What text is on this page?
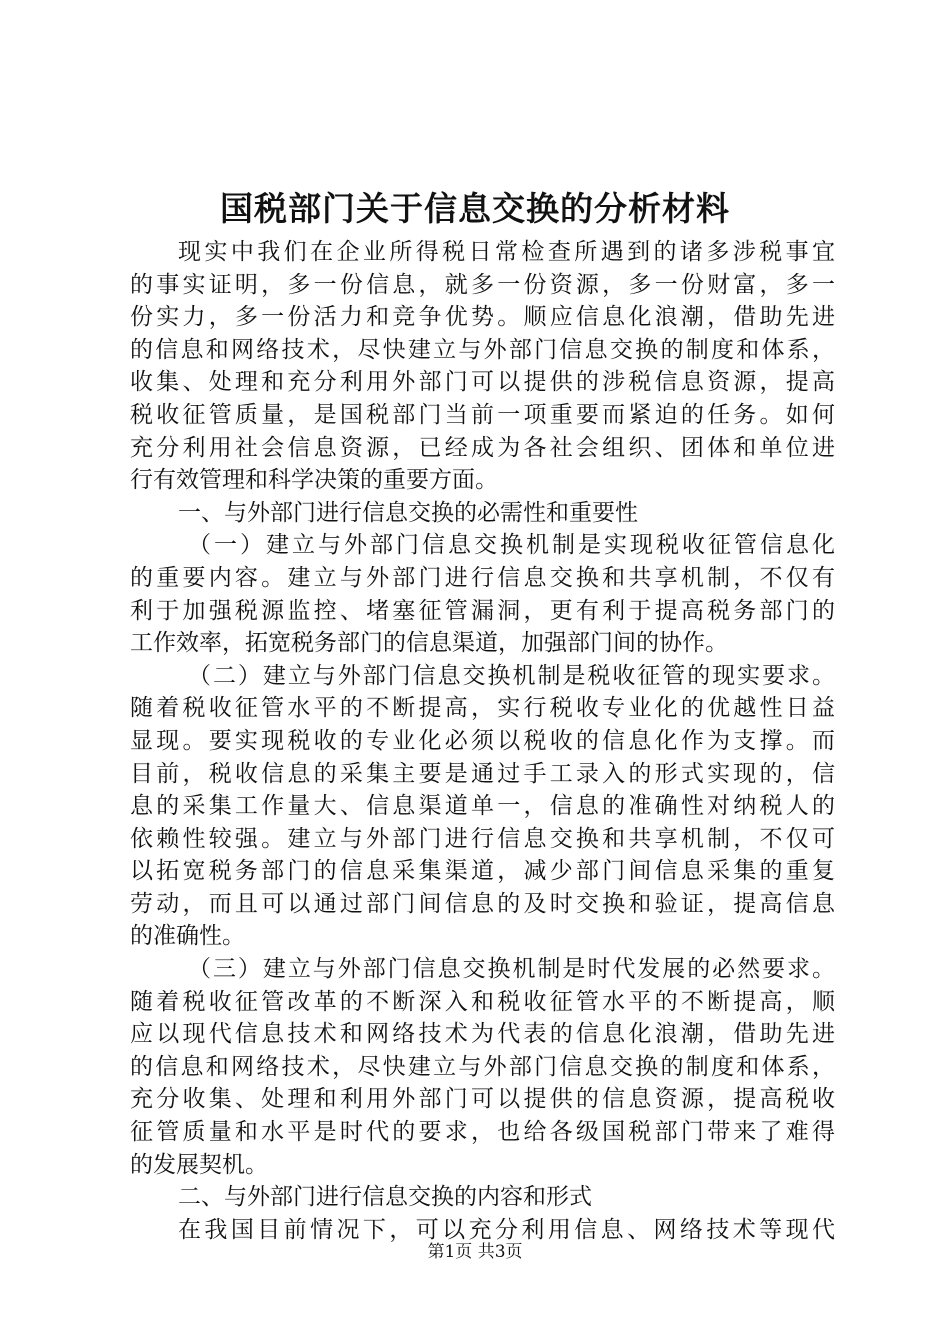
国税部门关于信息交换的分析材料
现实中我们在企业所得税日常检查所遇到的诸多涉税事宜
的事实证明，多一份信息，就多一份资源，多一份财富，多一
份实力，多一份活力和竞争优势。顺应信息化浪潮，借助先进
的信息和网络技术，尽快建立与外部门信息交换的制度和体系，
收集、处理和充分利用外部门可以提供的涉税信息资源，提高
税收征管质量，是国税部门当前一项重要而紧迫的任务。如何
充分利用社会信息资源，已经成为各社会组织、团体和单位进
行有效管理和科学决策的重要方面。
一、与外部门进行信息交换的必需性和重要性
（一）建立与外部门信息交换机制是实现税收征管信息化
的重要内容。建立与外部门进行信息交换和共享机制，不仅有
利于加强税源监控、堵塞征管漏洞，更有利于提高税务部门的
工作效率，拓宽税务部门的信息渠道，加强部门间的协作。
（二）建立与外部门信息交换机制是税收征管的现实要求。
随着税收征管水平的不断提高，实行税收专业化的优越性日益
显现。要实现税收的专业化必须以税收的信息化作为支撑。而
目前，税收信息的采集主要是通过手工录入的形式实现的，信
息的采集工作量大、信息渠道单一，信息的准确性对纳税人的
依赖性较强。建立与外部门进行信息交换和共享机制，不仅可
以拓宽税务部门的信息采集渠道，减少部门间信息采集的重复
劳动，而且可以通过部门间信息的及时交换和验证，提高信息
的准确性。
（三）建立与外部门信息交换机制是时代发展的必然要求。
随着税收征管改革的不断深入和税收征管水平的不断提高，顺
应以现代信息技术和网络技术为代表的信息化浪潮，借助先进
的信息和网络技术，尽快建立与外部门信息交换的制度和体系，
充分收集、处理和利用外部门可以提供的信息资源，提高税收
征管质量和水平是时代的要求，也给各级国税部门带来了难得
的发展契机。
二、与外部门进行信息交换的内容和形式
在我国目前情况下，可以充分利用信息、网络技术等现代
第1页 共3页
